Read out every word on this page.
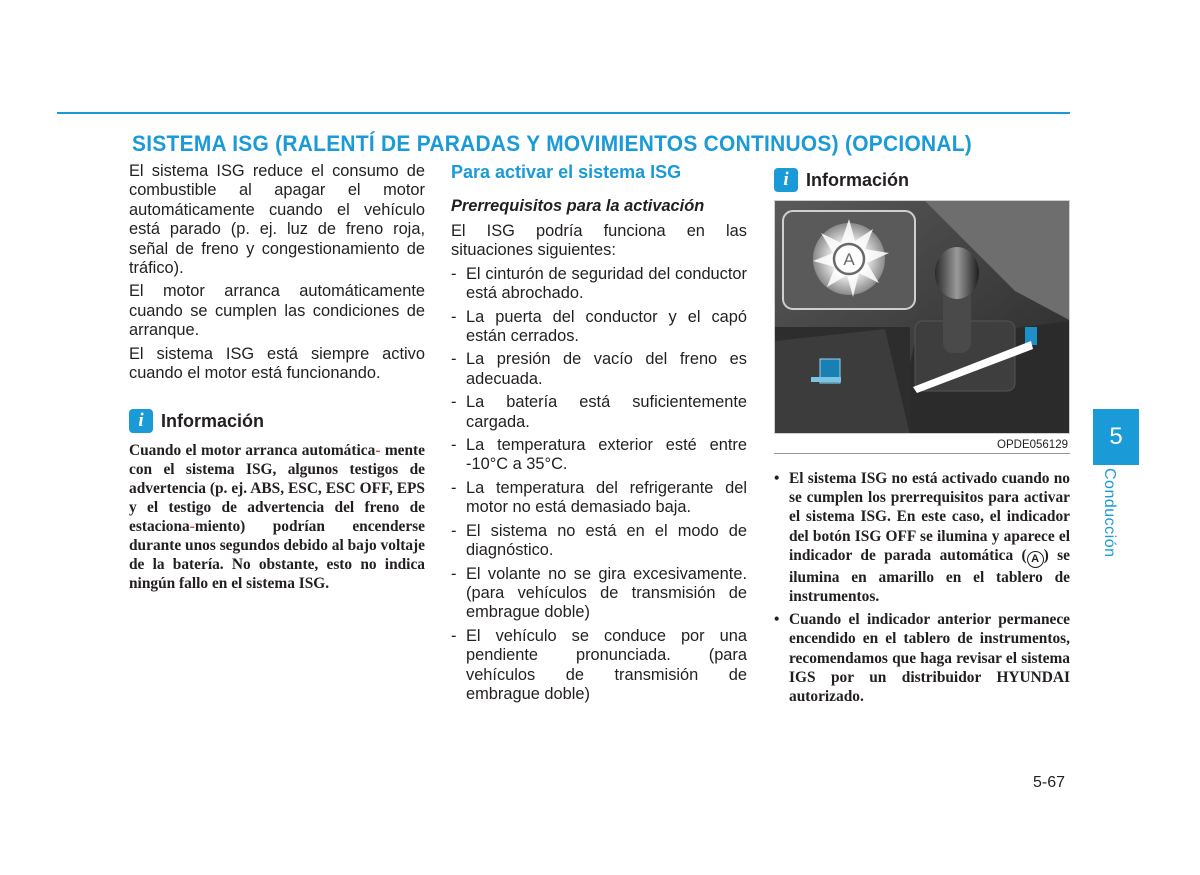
SISTEMA ISG (RALENTÍ DE PARADAS Y MOVIMIENTOS CONTINUOS) (OPCIONAL)

El sistema ISG reduce el consumo de combustible al apagar el motor automáticamente cuando el vehículo está parado (p. ej. luz de freno roja, señal de freno y congestionamiento de tráfico).

El motor arranca automáticamente cuando se cumplen las condiciones de arranque.

El sistema ISG está siempre activo cuando el motor está funcionando.

i Información

Cuando el motor arranca automática- mente con el sistema ISG, algunos testigos de advertencia (p. ej. ABS, ESC, ESC OFF, EPS y el testigo de advertencia del freno de estaciona-miento) podrían encenderse durante unos segundos debido al bajo voltaje de la batería. No obstante, esto no indica ningún fallo en el sistema ISG.

Para activar el sistema ISG
Prerrequisitos para la activación

El ISG podría funciona en las situaciones siguientes:

- El cinturón de seguridad del conductor está abrochado.
- La puerta del conductor y el capó están cerrados.
- La presión de vacío del freno es adecuada.
- La batería está suficientemente cargada.
- La temperatura exterior esté entre -10°C a 35°C.
- La temperatura del refrigerante del motor no está demasiado baja.
- El sistema no está en el modo de diagnóstico.
- El volante no se gira excesivamente. (para vehículos de transmisión de embrague doble)
- El vehículo se conduce por una pendiente pronunciada. (para vehículos de transmisión de embrague doble)
i Información
A
OPDE056129
• El sistema ISG no está activado cuando no se cumplen los prerrequisitos para activar el sistema ISG. En este caso, el indicador del botón ISG OFF se ilumina y aparece el indicador de parada automática ( A ) se ilumina en amarillo en el tablero de instrumentos.
• Cuando el indicador anterior permanece encendido en el tablero de instrumentos, recomendamos que haga revisar el sistema IGS por un distribuidor HYUNDAI autorizado.
5
Conducción
5-67
